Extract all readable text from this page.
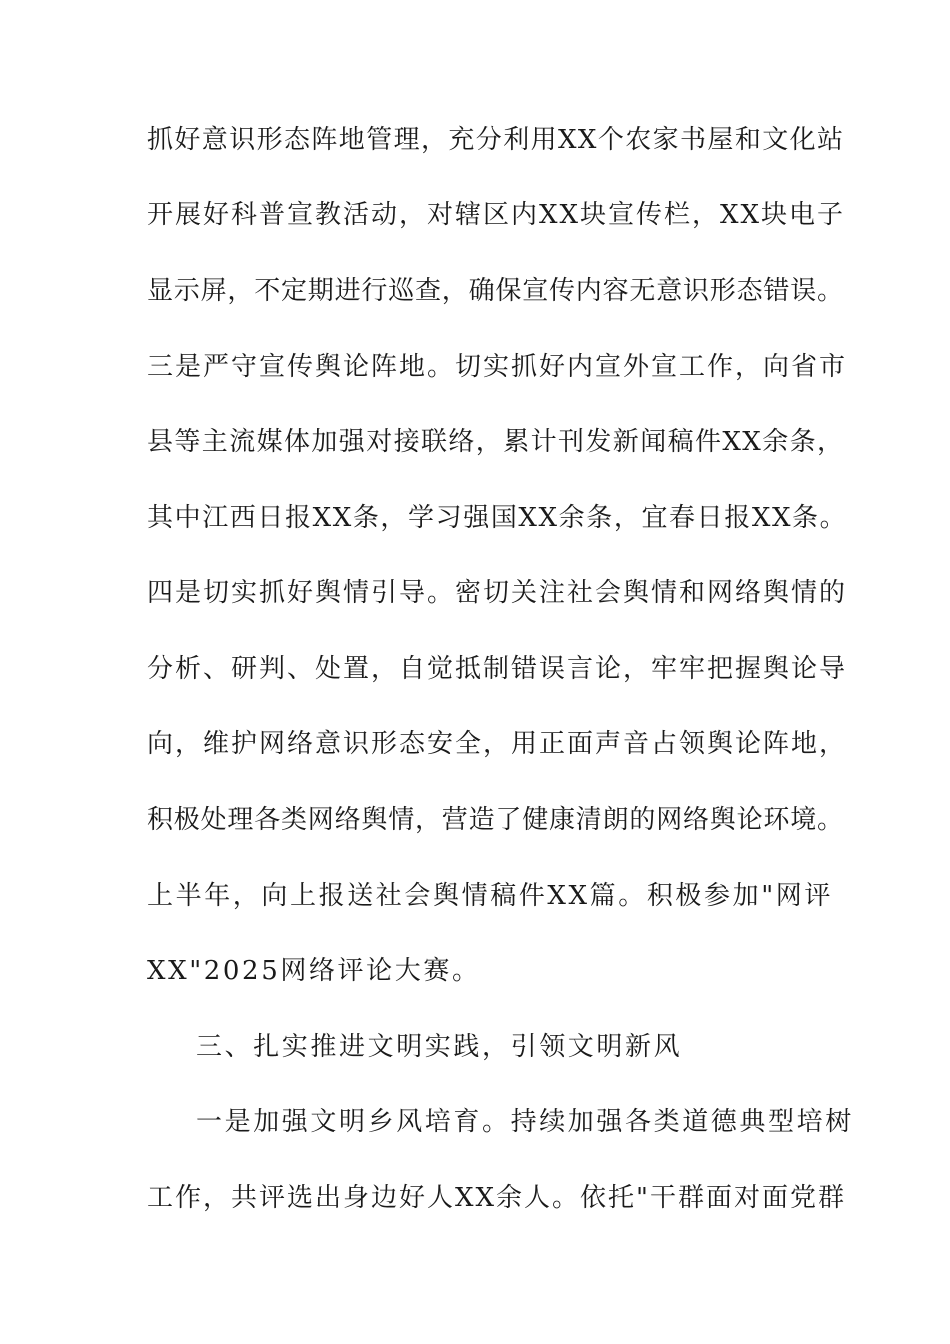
抓好意识形态阵地管理，充分利用XX个农家书屋和文化站
开展好科普宣教活动，对辖区内XX块宣传栏，XX块电子
显示屏，不定期进行巡查，确保宣传内容无意识形态错误。
三是严守宣传舆论阵地。切实抓好内宣外宣工作，向省市
县等主流媒体加强对接联络，累计刊发新闻稿件XX余条，
其中江西日报XX条，学习强国XX余条，宜春日报XX条。
四是切实抓好舆情引导。密切关注社会舆情和网络舆情的
分析、研判、处置，自觉抵制错误言论，牢牢把握舆论导
向，维护网络意识形态安全，用正面声音占领舆论阵地，
积极处理各类网络舆情，营造了健康清朗的网络舆论环境。
上半年，向上报送社会舆情稿件XX篇。积极参加"网评
XX"2025网络评论大赛。
三、扎实推进文明实践，引领文明新风
一是加强文明乡风培育。持续加强各类道德典型培树
工作，共评选出身边好人XX余人。依托"干群面对面党群
